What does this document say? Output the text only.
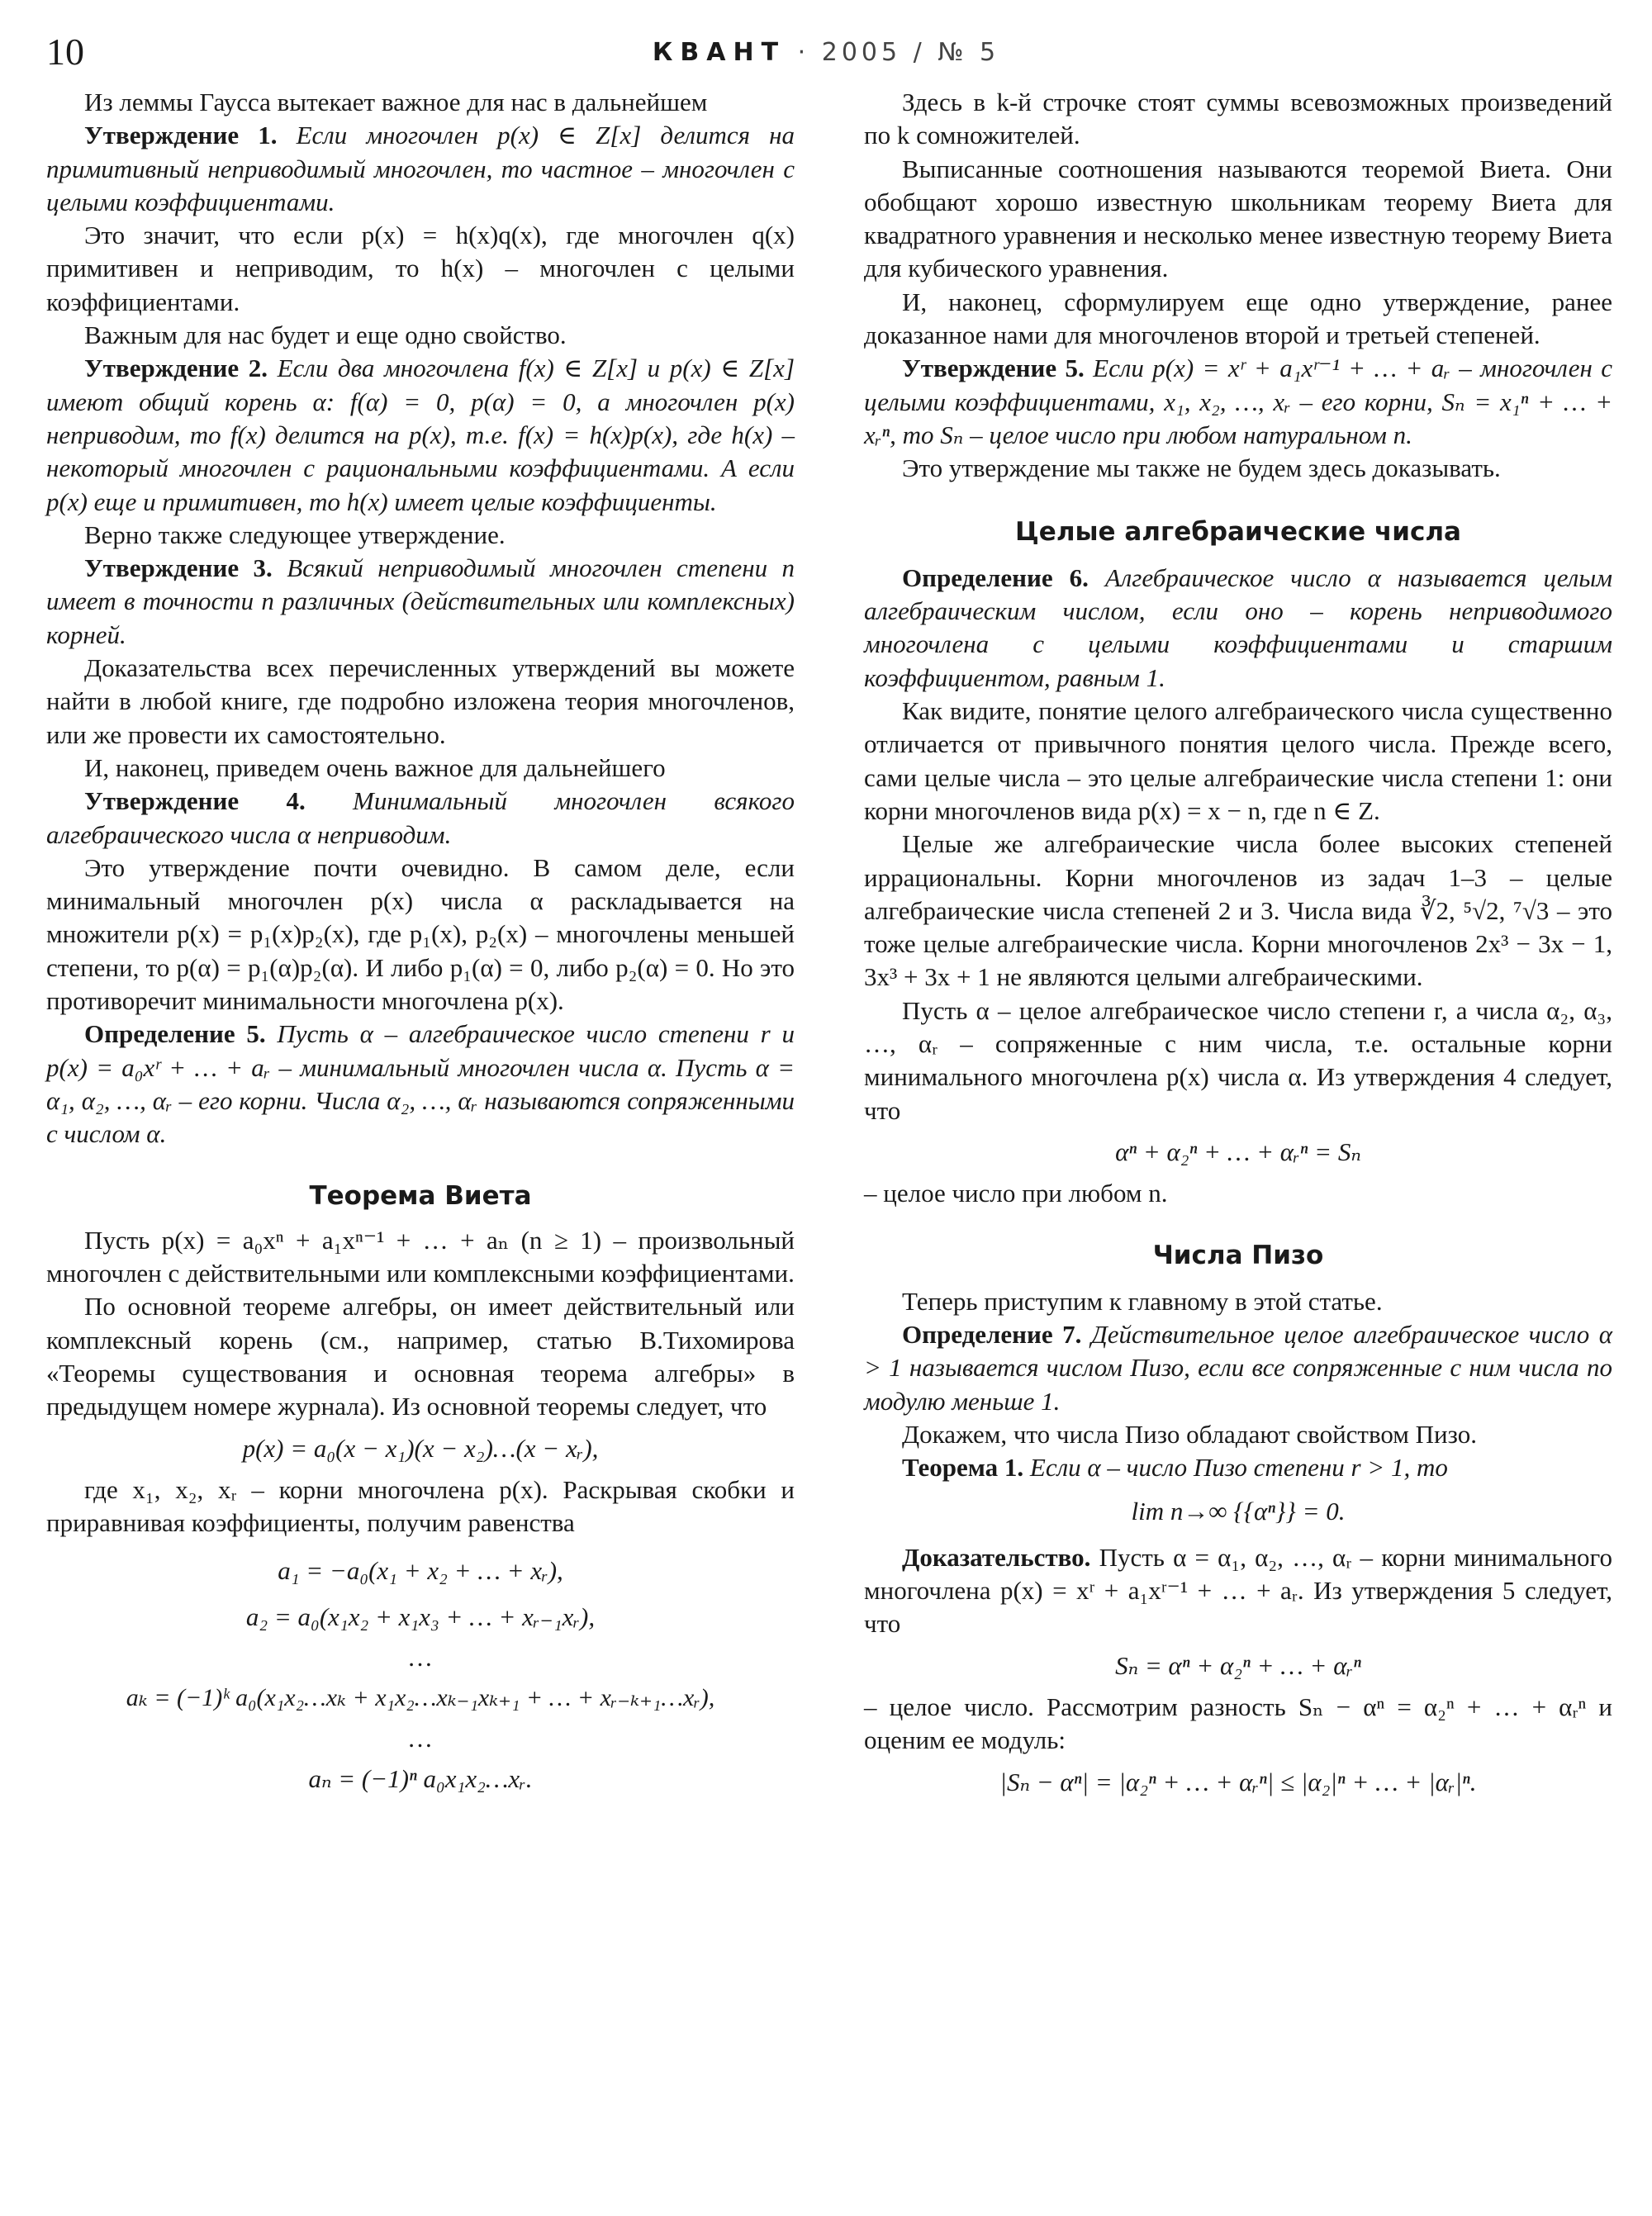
10	КВАНТ · 2005 / № 5

Из леммы Гаусса вытекает важное для нас в дальнейшем

Утверждение 1. Если многочлен p(x) ∈ Z[x] делится на примитивный неприводимый многочлен, то частное – многочлен с целыми коэффициентами.

Это значит, что если p(x) = h(x)q(x), где многочлен q(x) примитивен и неприводим, то h(x) – многочлен с целыми коэффициентами.

Важным для нас будет и еще одно свойство.

Утверждение 2. Если два многочлена f(x) ∈ Z[x] и p(x) ∈ Z[x] имеют общий корень α: f(α) = 0, p(α) = 0, а многочлен p(x) неприводим, то f(x) делится на p(x), т.е. f(x) = h(x)p(x), где h(x) – некоторый многочлен с рациональными коэффициентами. А если p(x) еще и примитивен, то h(x) имеет целые коэффициенты.

Верно также следующее утверждение.

Утверждение 3. Всякий неприводимый многочлен степени n имеет в точности n различных (действительных или комплексных) корней.

Доказательства всех перечисленных утверждений вы можете найти в любой книге, где подробно изложена теория многочленов, или же провести их самостоятельно.

И, наконец, приведем очень важное для дальнейшего

Утверждение 4. Минимальный многочлен всякого алгебраического числа α неприводим.

Это утверждение почти очевидно. В самом деле, если минимальный многочлен p(x) числа α раскладывается на множители p(x) = p₁(x)p₂(x), где p₁(x), p₂(x) – многочлены меньшей степени, то p(α) = p₁(α)p₂(α). И либо p₁(α) = 0, либо p₂(α) = 0. Но это противоречит минимальности многочлена p(x).

Определение 5. Пусть α – алгебраическое число степени r и p(x) = a₀xʳ + … + aᵣ – минимальный многочлен числа α. Пусть α = α₁, α₂, …, αᵣ – его корни. Числа α₂, …, αᵣ называются сопряженными с числом α.

Теорема Виета

Пусть p(x) = a₀xⁿ + a₁xⁿ⁻¹ + … + aₙ (n ≥ 1) – произвольный многочлен с действительными или комплексными коэффициентами.

По основной теореме алгебры, он имеет действительный или комплексный корень (см., например, статью В.Тихомирова «Теоремы существования и основная теорема алгебры» в предыдущем номере журнала). Из основной теоремы следует, что

p(x) = a₀(x − x₁)(x − x₂)…(x − xᵣ),

где x₁, x₂, xᵣ – корни многочлена p(x). Раскрывая скобки и приравнивая коэффициенты, получим равенства

a₁ = −a₀(x₁ + x₂ + … + xᵣ),

a₂ = a₀(x₁x₂ + x₁x₃ + … + xᵣ₋₁xᵣ),

…

aₖ = (−1)ᵏ a₀(x₁x₂…xₖ + x₁x₂…xₖ₋₁xₖ₊₁ + … + xᵣ₋ₖ₊₁…xᵣ),

…

aₙ = (−1)ⁿ a₀x₁x₂…xᵣ.

Здесь в k-й строчке стоят суммы всевозможных произведений по k сомножителей.

Выписанные соотношения называются теоремой Виета. Они обобщают хорошо известную школьникам теорему Виета для квадратного уравнения и несколько менее известную теорему Виета для кубического уравнения.

И, наконец, сформулируем еще одно утверждение, ранее доказанное нами для многочленов второй и третьей степеней.

Утверждение 5. Если p(x) = xʳ + a₁xʳ⁻¹ + … + aᵣ – многочлен с целыми коэффициентами, x₁, x₂, …, xᵣ – его корни, Sₙ = x₁ⁿ + … + xᵣⁿ, то Sₙ – целое число при любом натуральном n.

Это утверждение мы также не будем здесь доказывать.

Целые алгебраические числа

Определение 6. Алгебраическое число α называется целым алгебраическим числом, если оно – корень неприводимого многочлена с целыми коэффициентами и старшим коэффициентом, равным 1.

Как видите, понятие целого алгебраического числа существенно отличается от привычного понятия целого числа. Прежде всего, сами целые числа – это целые алгебраические числа степени 1: они корни многочленов вида p(x) = x − n, где n ∈ Z.

Целые же алгебраические числа более высоких степеней иррациональны. Корни многочленов из задач 1–3 – целые алгебраические числа степеней 2 и 3. Числа вида ∛2, ⁵√2, ⁷√3 – это тоже целые алгебраические числа. Корни многочленов 2x³ − 3x − 1, 3x³ + 3x + 1 не являются целыми алгебраическими.

Пусть α – целое алгебраическое число степени r, а числа α₂, α₃, …, αᵣ – сопряженные с ним числа, т.е. остальные корни минимального многочлена p(x) числа α. Из утверждения 4 следует, что

αⁿ + α₂ⁿ + … + αᵣⁿ = Sₙ

– целое число при любом n.

Числа Пизо

Теперь приступим к главному в этой статье.

Определение 7. Действительное целое алгебраическое число α > 1 называется числом Пизо, если все сопряженные с ним числа по модулю меньше 1.

Докажем, что числа Пизо обладают свойством Пизо.

Теорема 1. Если α – число Пизо степени r > 1, то

lim n→∞ {{αⁿ}} = 0.

Доказательство. Пусть α = α₁, α₂, …, αᵣ – корни минимального многочлена p(x) = xʳ + a₁xʳ⁻¹ + … + aᵣ. Из утверждения 5 следует, что

Sₙ = αⁿ + α₂ⁿ + … + αᵣⁿ

– целое число. Рассмотрим разность Sₙ − αⁿ = α₂ⁿ + … + αᵣⁿ и оценим ее модуль:

|Sₙ − αⁿ| = |α₂ⁿ + … + αᵣⁿ| ≤ |α₂|ⁿ + … + |αᵣ|ⁿ.
